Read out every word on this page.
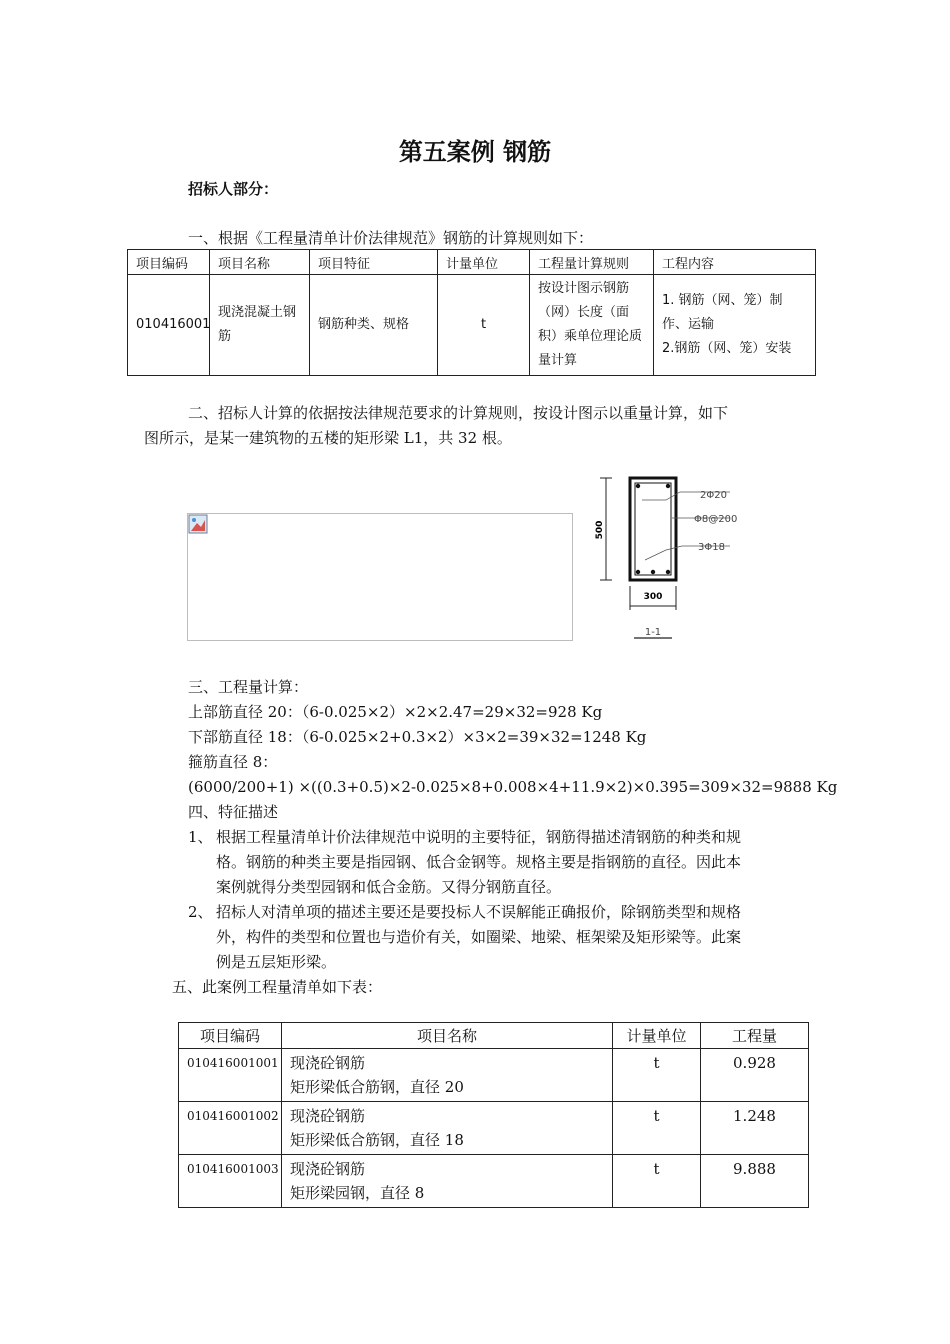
第五案例 钢筋
招标人部分：
一、根据《工程量清单计价法律规范》钢筋的计算规则如下：
项目编码	项目名称	项目特征	计量单位	工程量计算规则	工程内容
010416001	现浇混凝土钢筋	钢筋种类、规格	t	按设计图示钢筋（网）长度（面积）乘单位理论质量计算	1. 钢筋（网、笼）制作、运输
2.钢筋（网、笼）安装
二、招标人计算的依据按法律规范要求的计算规则，按设计图示以重量计算，如下
图所示，是某一建筑物的五楼的矩形梁 L1，共 32 根。
500
2Φ20
Φ8@200
3Φ18
300
1-1
三、工程量计算：
上部筋直径 20：（6-0.025×2）×2×2.47=29×32=928 Kg
下部筋直径 18：（6-0.025×2+0.3×2）×3×2=39×32=1248 Kg
箍筋直径 8：
(6000/200+1) ×((0.3+0.5)×2-0.025×8+0.008×4+11.9×2)×0.395=309×32=9888 Kg
四、特征描述
1、 根据工程量清单计价法律规范中说明的主要特征，钢筋得描述清钢筋的种类和规
格。钢筋的种类主要是指园钢、低合金钢等。规格主要是指钢筋的直径。因此本
案例就得分类型园钢和低合金筋。又得分钢筋直径。
2、 招标人对清单项的描述主要还是要投标人不误解能正确报价，除钢筋类型和规格
外，构件的类型和位置也与造价有关，如圈梁、地梁、框架梁及矩形梁等。此案
例是五层矩形梁。
五、此案例工程量清单如下表：
项目编码	项目名称	计量单位	工程量
010416001001	现浇砼钢筋
矩形梁低合筋钢，直径 20	t	0.928
010416001002	现浇砼钢筋
矩形梁低合筋钢，直径 18	t	1.248
010416001003	现浇砼钢筋
矩形梁园钢，直径 8	t	9.888
